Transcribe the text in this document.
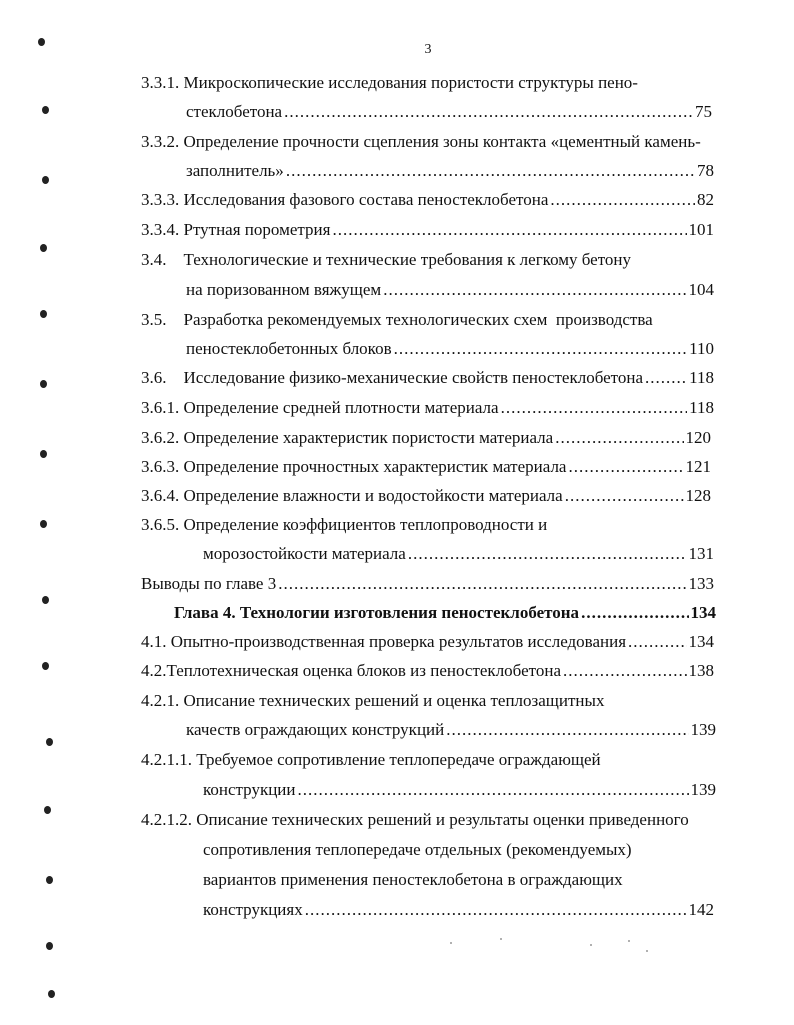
3
3.3.1. Микроскопические исследования пористости структуры пено-
стеклобетона .....	75
3.3.2. Определение прочности сцепления зоны контакта «цементный камень-
заполнитель» .....	78
3.3.3. Исследования фазового состава пеностеклобетона .....	82
3.3.4. Ртутная порометрия .....	101
3.4.    Технологические и технические требования к легкому бетону
на поризованном вяжущем .....	104
3.5.    Разработка рекомендуемых технологических схем  производства
пеностеклобетонных блоков .....	110
3.6.    Исследование физико-механические свойств пеностеклобетона .....	118
3.6.1. Определение средней плотности материала .....	118
3.6.2. Определение характеристик пористости материала .....	120
3.6.3. Определение прочностных характеристик материала .....	121
3.6.4. Определение влажности и водостойкости материала .....	128
3.6.5. Определение коэффициентов теплопроводности и
морозостойкости материала .....	131
Выводы по главе 3 .....	133
Глава 4. Технологии изготовления пеностеклобетона .....	134
4.1. Опытно-производственная проверка результатов исследования .....	134
4.2.Теплотехническая оценка блоков из пеностеклобетона .....	138
4.2.1. Описание технических решений и оценка теплозащитных
качеств ограждающих конструкций .....	139
4.2.1.1. Требуемое сопротивление теплопередаче ограждающей
конструкции .....	139
4.2.1.2. Описание технических решений и результаты оценки приведенного
сопротивления теплопередаче отдельных (рекомендуемых)
вариантов применения пеностеклобетона в ограждающих
конструкциях .....	142
